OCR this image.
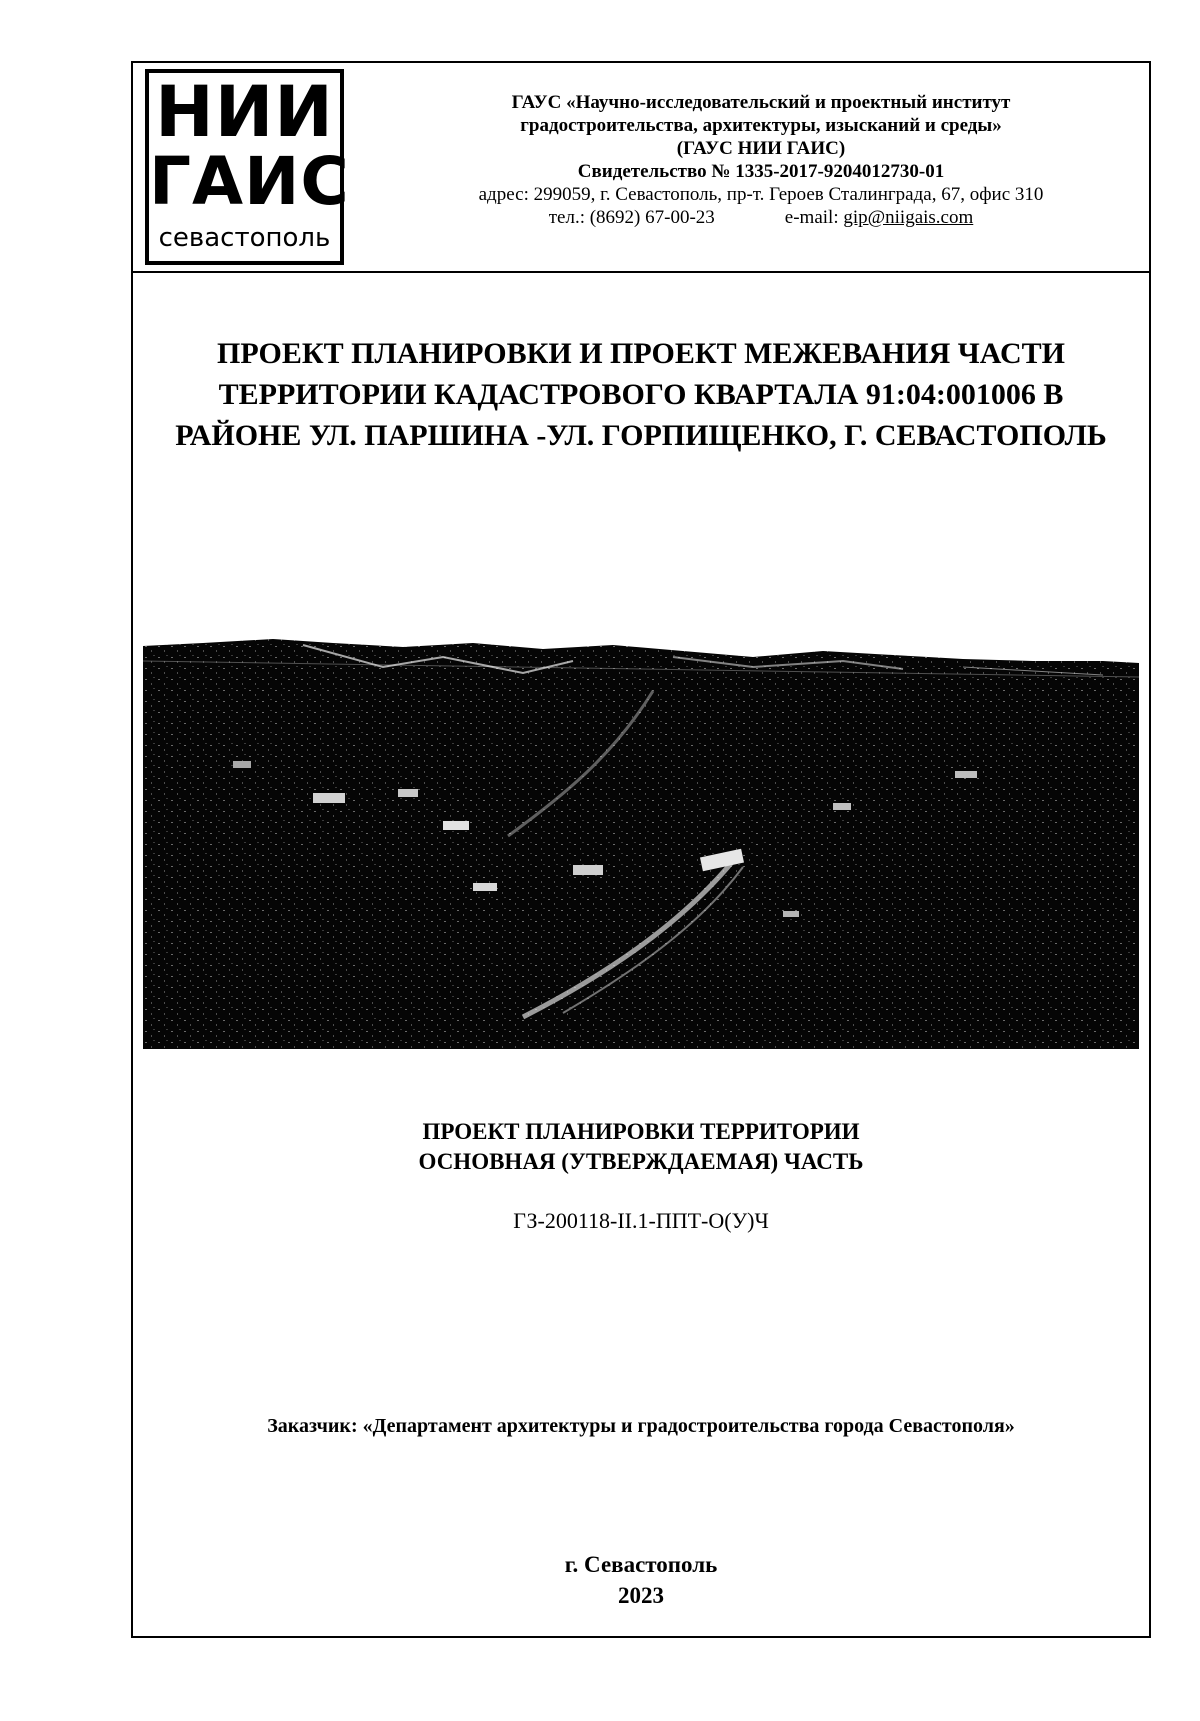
НИИ
ГАИС
севастополь
ГАУС «Научно-исследовательский и проектный институт
градостроительства, архитектуры, изысканий и среды»
(ГАУС НИИ ГАИС)
Свидетельство № 1335-2017-9204012730-01
адрес: 299059, г. Севастополь, пр-т. Героев Сталинграда, 67, офис 310
тел.: (8692) 67-00-23	e-mail: gip@niigais.com
ПРОЕКТ ПЛАНИРОВКИ И ПРОЕКТ МЕЖЕВАНИЯ ЧАСТИ
ТЕРРИТОРИИ КАДАСТРОВОГО КВАРТАЛА 91:04:001006 В
РАЙОНЕ УЛ. ПАРШИНА -УЛ. ГОРПИЩЕНКО, Г. СЕВАСТОПОЛЬ
ПРОЕКТ ПЛАНИРОВКИ ТЕРРИТОРИИ
ОСНОВНАЯ (УТВЕРЖДАЕМАЯ) ЧАСТЬ
ГЗ-200118-II.1-ППТ-О(У)Ч
Заказчик: «Департамент архитектуры и градостроительства города Севастополя»
г. Севастополь
2023
